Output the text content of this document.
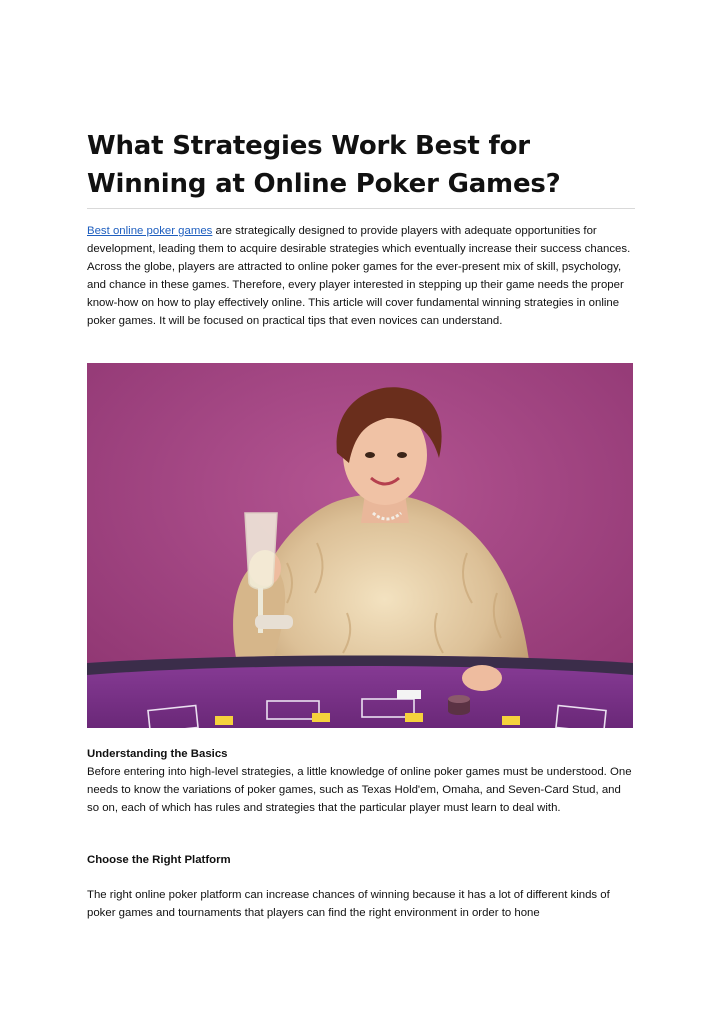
What Strategies Work Best for Winning at Online Poker Games?

Best online poker games are strategically designed to provide players with adequate opportunities for development, leading them to acquire desirable strategies which eventually increase their success chances. Across the globe, players are attracted to online poker games for the ever-present mix of skill, psychology, and chance in these games. Therefore, every player interested in stepping up their game needs the proper know-how on how to play effectively online. This article will cover fundamental winning strategies in online poker games. It will be focused on practical tips that even novices can understand.

Understanding the Basics

Before entering into high-level strategies, a little knowledge of online poker games must be understood. One needs to know the variations of poker games, such as Texas Hold'em, Omaha, and Seven-Card Stud, and so on, each of which has rules and strategies that the particular player must learn to deal with.

Choose the Right Platform

The right online poker platform can increase chances of winning because it has a lot of different kinds of poker games and tournaments that players can find the right environment in order to hone
